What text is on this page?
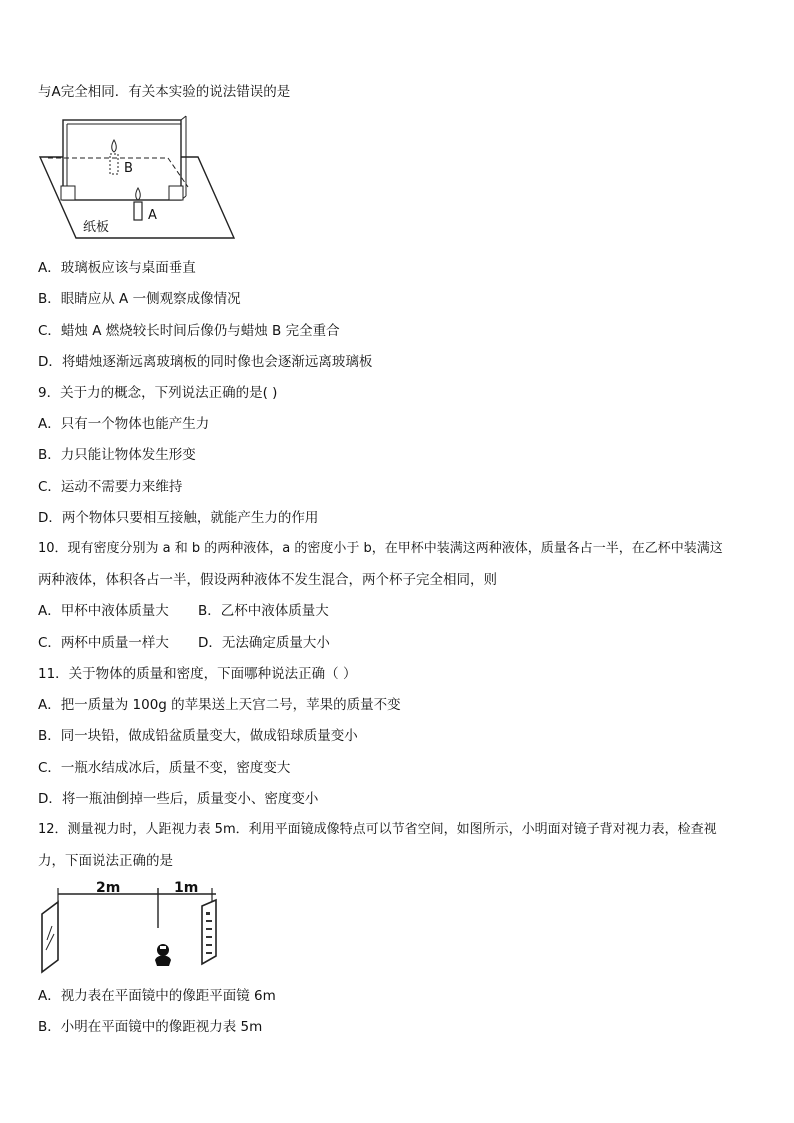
与A完全相同．有关本实验的说法错误的是
B
A
纸板
A．玻璃板应该与桌面垂直
B．眼睛应从 A 一侧观察成像情况
C．蜡烛 A 燃烧较长时间后像仍与蜡烛 B 完全重合
D．将蜡烛逐渐远离玻璃板的同时像也会逐渐远离玻璃板
9．关于力的概念，下列说法正确的是( )
A．只有一个物体也能产生力
B．力只能让物体发生形变
C．运动不需要力来维持
D．两个物体只要相互接触，就能产生力的作用
10．现有密度分别为 a 和 b 的两种液体，a 的密度小于 b，在甲杯中装满这两种液体，质量各占一半，在乙杯中装满这
两种液体，体积各占一半，假设两种液体不发生混合，两个杯子完全相同，则
A．甲杯中液体质量大 B．乙杯中液体质量大
C．两杯中质量一样大 D．无法确定质量大小
11．关于物体的质量和密度，下面哪种说法正确（ ）
A．把一质量为 100g 的苹果送上天宫二号，苹果的质量不变
B．同一块铅，做成铅盆质量变大，做成铅球质量变小
C．一瓶水结成冰后，质量不变，密度变大
D．将一瓶油倒掉一些后，质量变小、密度变小
12．测量视力时，人距视力表 5m．利用平面镜成像特点可以节省空间，如图所示，小明面对镜子背对视力表，检查视
力，下面说法正确的是
2m	1m
A．视力表在平面镜中的像距平面镜 6m
B．小明在平面镜中的像距视力表 5m
